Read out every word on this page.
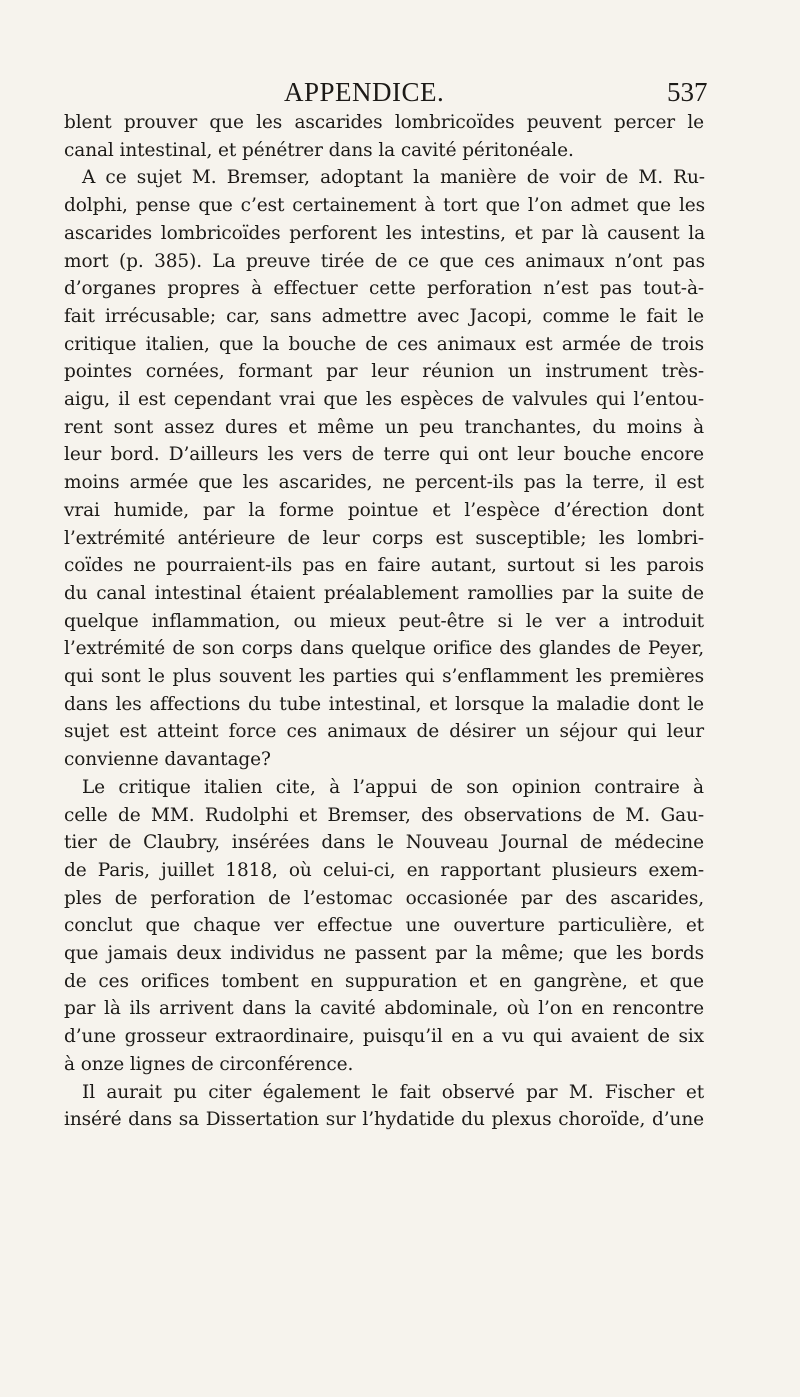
APPENDICE.	537
blent prouver que les ascarides lombricoïdes peuvent percer le
canal intestinal, et pénétrer dans la cavité péritonéale.
A ce sujet M. Bremser, adoptant la manière de voir de M. Ru-
dolphi, pense que c’est certainement à tort que l’on admet que les
ascarides lombricoïdes perforent les intestins, et par là causent la
mort (p. 385). La preuve tirée de ce que ces animaux n’ont pas
d’organes propres à effectuer cette perforation n’est pas tout-à-
fait irrécusable; car, sans admettre avec Jacopi, comme le fait le
critique italien, que la bouche de ces animaux est armée de trois
pointes cornées, formant par leur réunion un instrument très-
aigu, il est cependant vrai que les espèces de valvules qui l’entou-
rent sont assez dures et même un peu tranchantes, du moins à
leur bord. D’ailleurs les vers de terre qui ont leur bouche encore
moins armée que les ascarides, ne percent-ils pas la terre, il est
vrai humide, par la forme pointue et l’espèce d’érection dont
l’extrémité antérieure de leur corps est susceptible; les lombri-
coïdes ne pourraient-ils pas en faire autant, surtout si les parois
du canal intestinal étaient préalablement ramollies par la suite de
quelque inflammation, ou mieux peut-être si le ver a introduit
l’extrémité de son corps dans quelque orifice des glandes de Peyer,
qui sont le plus souvent les parties qui s’enflamment les premières
dans les affections du tube intestinal, et lorsque la maladie dont le
sujet est atteint force ces animaux de désirer un séjour qui leur
convienne davantage?
Le critique italien cite, à l’appui de son opinion contraire à
celle de MM. Rudolphi et Bremser, des observations de M. Gau-
tier de Claubry, insérées dans le Nouveau Journal de médecine
de Paris, juillet 1818, où celui-ci, en rapportant plusieurs exem-
ples de perforation de l’estomac occasionée par des ascarides,
conclut que chaque ver effectue une ouverture particulière, et
que jamais deux individus ne passent par la même; que les bords
de ces orifices tombent en suppuration et en gangrène, et que
par là ils arrivent dans la cavité abdominale, où l’on en rencontre
d’une grosseur extraordinaire, puisqu’il en a vu qui avaient de six
à onze lignes de circonférence.
Il aurait pu citer également le fait observé par M. Fischer et
inséré dans sa Dissertation sur l’hydatide du plexus choroïde, d’une
